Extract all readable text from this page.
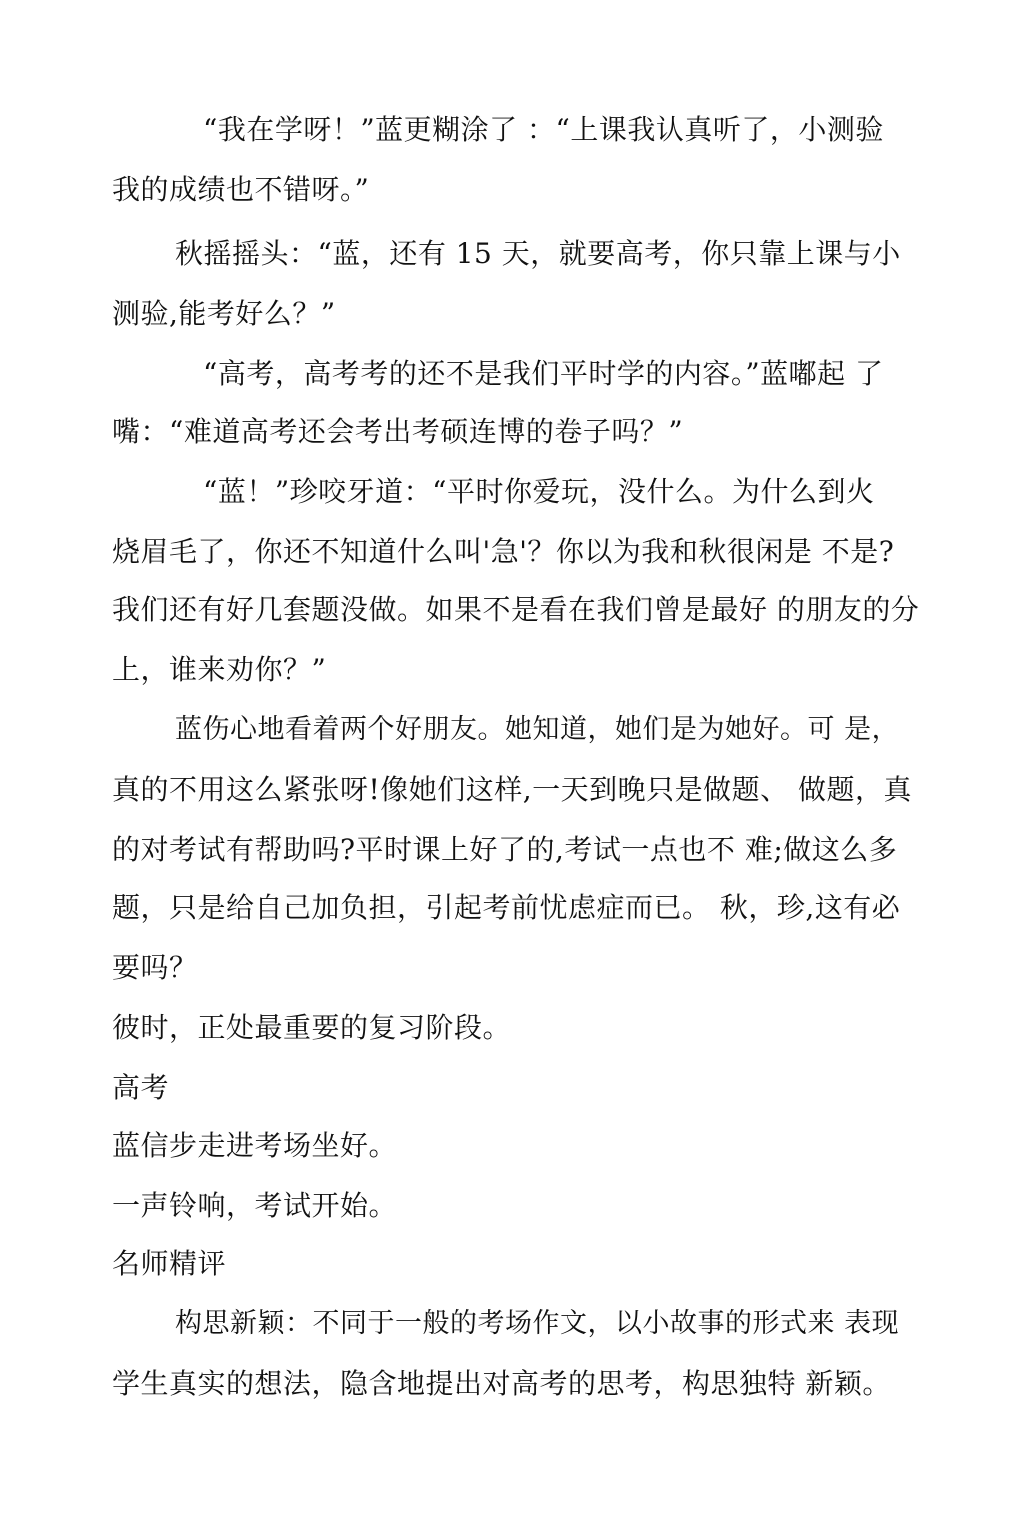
“我在学呀！”蓝更糊涂了 ：“上课我认真听了，小测验
我的成绩也不错呀。”
秋摇摇头：“蓝，还有 15 天，就要高考，你只靠上课与小
测验,能考好么？”
“高考，高考考的还不是我们平时学的内容。”蓝嘟起 了
嘴：“难道高考还会考出考硕连博的卷子吗？”
“蓝！”珍咬牙道：“平时你爱玩，没什么。为什么到火
烧眉毛了，你还不知道什么叫'急'？你以为我和秋很闲是 不是?
我们还有好几套题没做。如果不是看在我们曾是最好 的朋友的分
上，谁来劝你？”
蓝伤心地看着两个好朋友。她知道，她们是为她好。可 是，
真的不用这么紧张呀!像她们这样,一天到晚只是做题、 做题，真
的对考试有帮助吗?平时课上好了的,考试一点也不 难;做这么多
题，只是给自己加负担，引起考前忧虑症而已。 秋，珍,这有必
要吗？
彼时，正处最重要的复习阶段。
高考
蓝信步走进考场坐好。
一声铃响，考试开始。
名师精评
构思新颖：不同于一般的考场作文，以小故事的形式来 表现
学生真实的想法，隐含地提出对高考的思考，构思独特 新颖。
